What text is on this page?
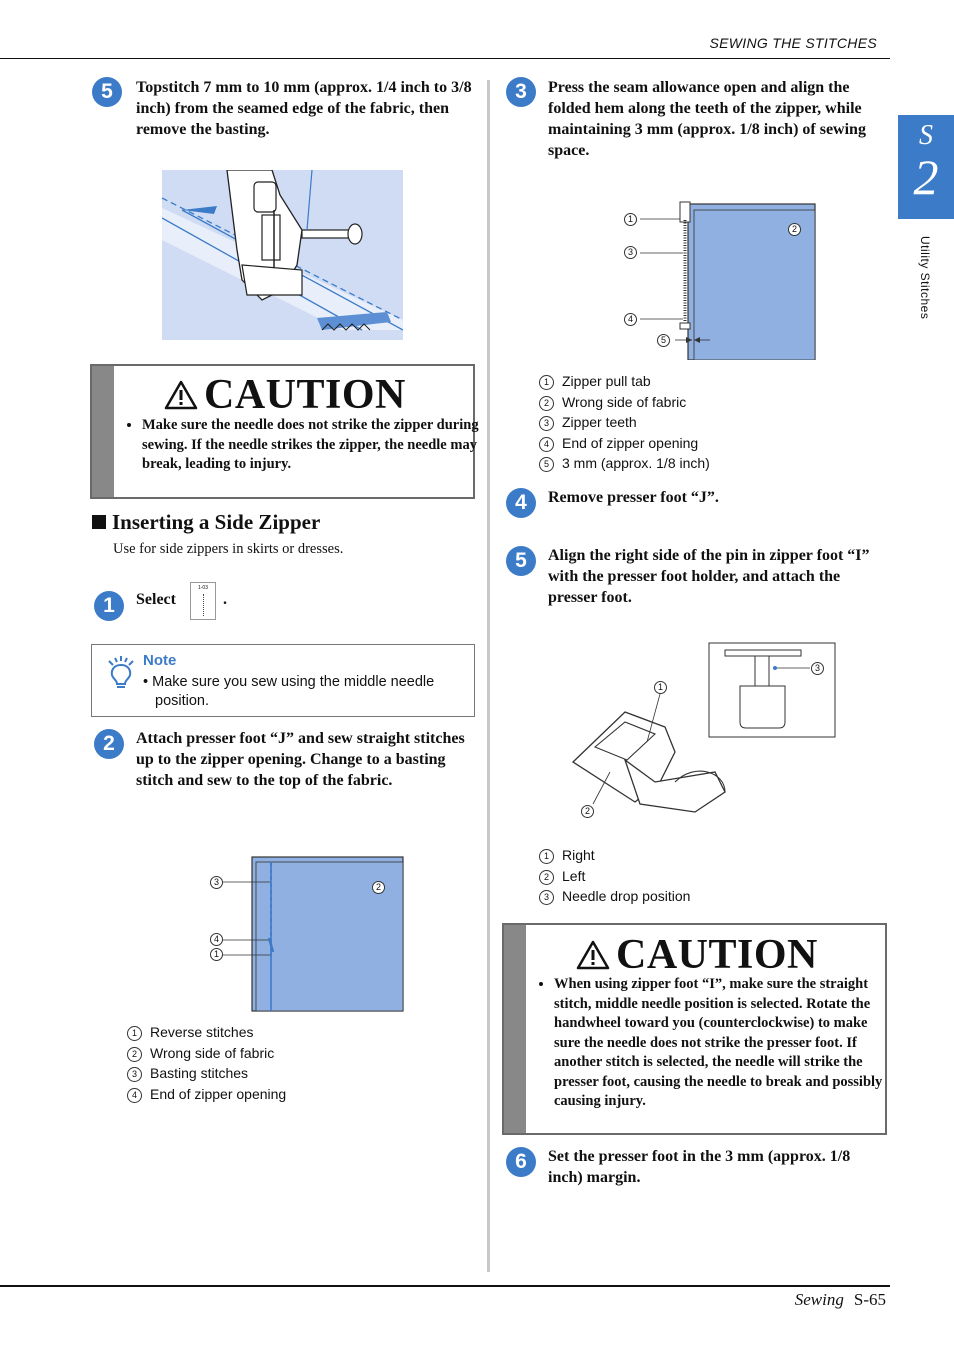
SEWING THE STITCHES
Sewing S-65
S
2
Utility Stitches
5	Topstitch 7 mm to 10 mm (approx. 1/4 inch to 3/8 inch) from the seamed edge of the fabric, then remove the basting.
CAUTION
• Make sure the needle does not strike the zipper during sewing. If the needle strikes the zipper, the needle may break, leading to injury.
Inserting a Side Zipper
Use for side zippers in skirts or dresses.
1	Select
1-03
.
Note
• Make sure you sew using the middle needle position.
2	Attach presser foot “J” and sew straight stitches up to the zipper opening. Change to a basting stitch and sew to the top of the fabric.
3
4
1
2
1 Reverse stitches
2 Wrong side of fabric
3 Basting stitches
4 End of zipper opening
3	Press the seam allowance open and align the folded hem along the teeth of the zipper, while maintaining 3 mm (approx. 1/8 inch) of sewing space.
1
3
4
5
2
1 Zipper pull tab
2 Wrong side of fabric
3 Zipper teeth
4 End of zipper opening
5 3 mm (approx. 1/8 inch)
4	Remove presser foot “J”.
5	Align the right side of the pin in zipper foot “I” with the presser foot holder, and attach the presser foot.
1
2
3
1 Right
2 Left
3 Needle drop position
CAUTION
• When using zipper foot “I”, make sure the straight stitch, middle needle position is selected. Rotate the handwheel toward you (counterclockwise) to make sure the needle does not strike the presser foot. If another stitch is selected, the needle will strike the presser foot, causing the needle to break and possibly causing injury.
6	Set the presser foot in the 3 mm (approx. 1/8 inch) margin.
